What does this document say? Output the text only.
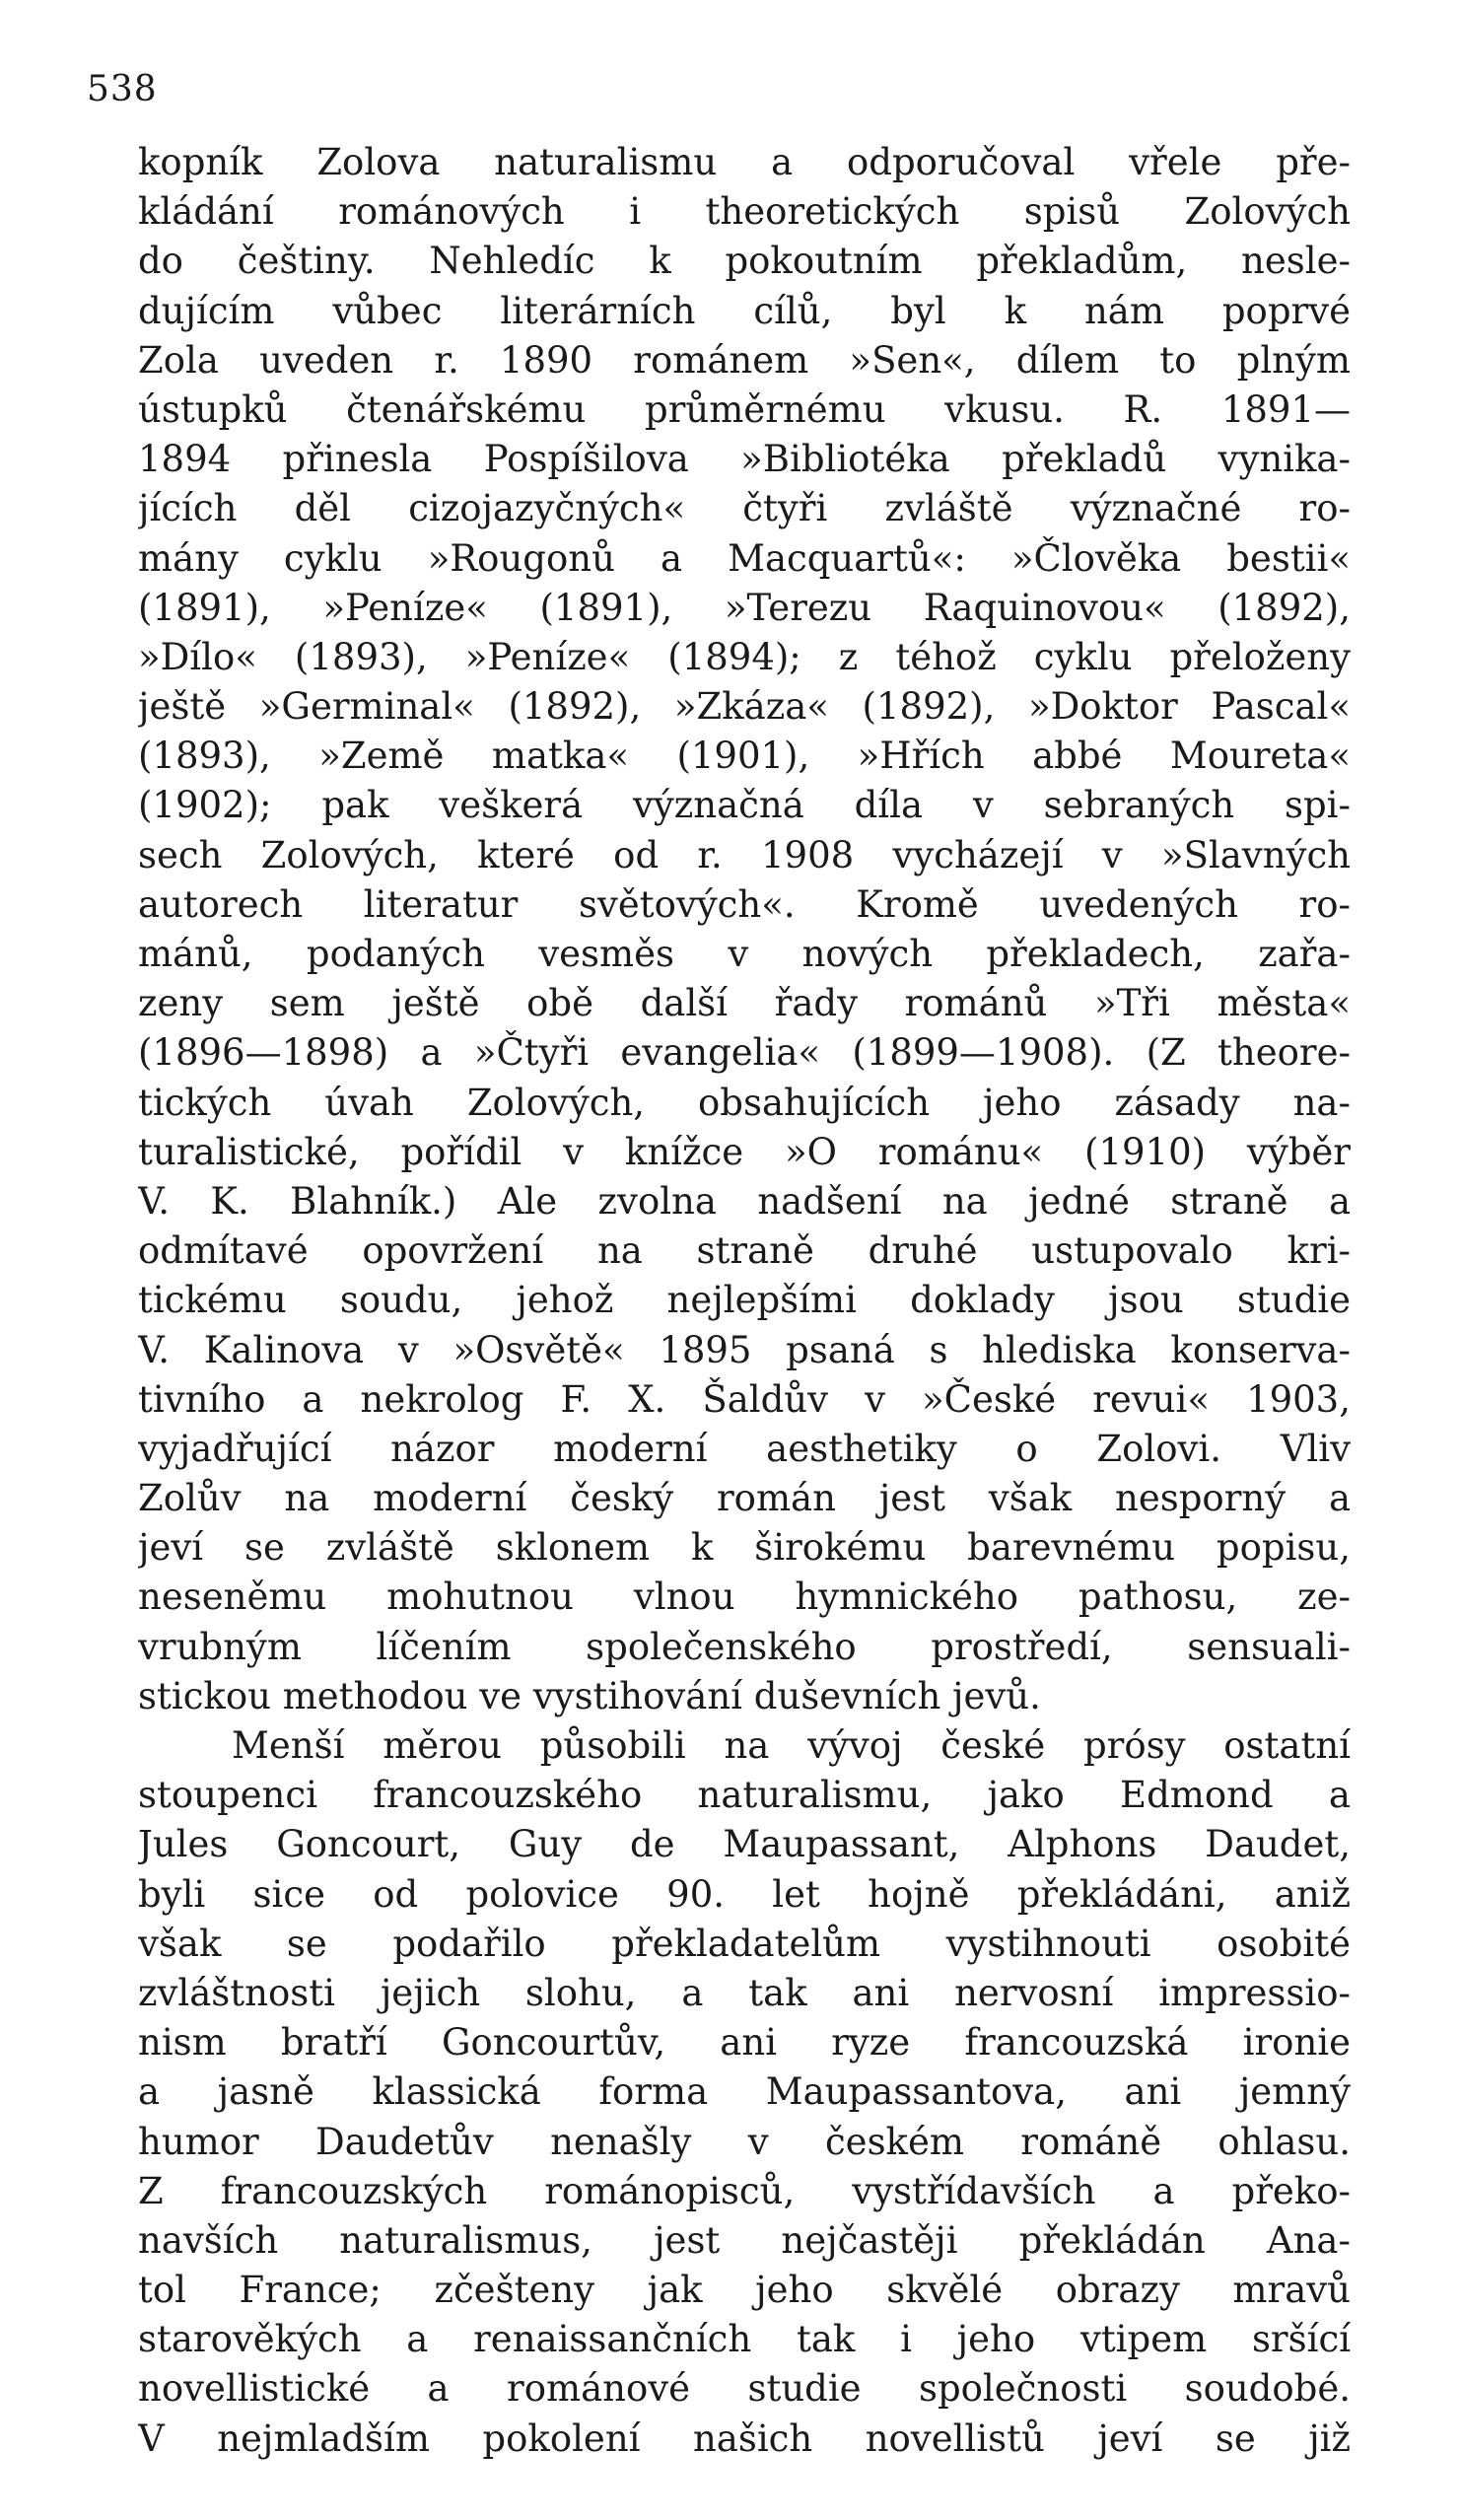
538
kopník Zolova naturalismu a odporučoval vřele pře-
kládání románových i theoretických spisů Zolových
do češtiny. Nehledíc k pokoutním překladům, nesle-
dujícím vůbec literárních cílů, byl k nám poprvé
Zola uveden r. 1890 románem »Sen«, dílem to plným
ústupků čtenářskému průměrnému vkusu. R. 1891—
1894 přinesla Pospíšilova »Bibliotéka překladů vynika-
jících děl cizojazyčných« čtyři zvláště význačné ro-
mány cyklu »Rougonů a Macquartů«: »Člověka bestii«
(1891), »Peníze« (1891), »Terezu Raquinovou« (1892),
»Dílo« (1893), »Peníze« (1894); z téhož cyklu přeloženy
ještě »Germinal« (1892), »Zkáza« (1892), »Doktor Pascal«
(1893), »Země matka« (1901), »Hřích abbé Moureta«
(1902); pak veškerá význačná díla v sebraných spi-
sech Zolových, které od r. 1908 vycházejí v »Slavných
autorech literatur světových«. Kromě uvedených ro-
mánů, podaných vesměs v nových překladech, zařa-
zeny sem ještě obě další řady románů »Tři města«
(1896—1898) a »Čtyři evangelia« (1899—1908). (Z theore-
tických úvah Zolových, obsahujících jeho zásady na-
turalistické, pořídil v knížce »O románu« (1910) výběr
V. K. Blahník.) Ale zvolna nadšení na jedné straně a
odmítavé opovržení na straně druhé ustupovalo kri-
tickému soudu, jehož nejlepšími doklady jsou studie
V. Kalinova v »Osvětě« 1895 psaná s hlediska konserva-
tivního a nekrolog F. X. Šaldův v »České revui« 1903,
vyjadřující názor moderní aesthetiky o Zolovi. Vliv
Zolův na moderní český román jest však nesporný a
jeví se zvláště sklonem k širokému barevnému popisu,
neseněmu mohutnou vlnou hymnického pathosu, ze-
vrubným líčením společenského prostředí, sensuali-
stickou methodou ve vystihování duševních jevů.
Menší měrou působili na vývoj české prósy ostatní
stoupenci francouzského naturalismu, jako Edmond a
Jules Goncourt, Guy de Maupassant, Alphons Daudet,
byli sice od polovice 90. let hojně překládáni, aniž
však se podařilo překladatelům vystihnouti osobité
zvláštnosti jejich slohu, a tak ani nervosní impressio-
nism bratří Goncourtův, ani ryze francouzská ironie
a jasně klassická forma Maupassantova, ani jemný
humor Daudetův nenašly v českém románě ohlasu.
Z francouzských románopisců, vystřídavších a překo-
navších naturalismus, jest nejčastěji překládán Ana-
tol France; zčešteny jak jeho skvělé obrazy mravů
starověkých a renaissančních tak i jeho vtipem sršící
novellistické a románové studie společnosti soudobé.
V nejmladším pokolení našich novellistů jeví se již
